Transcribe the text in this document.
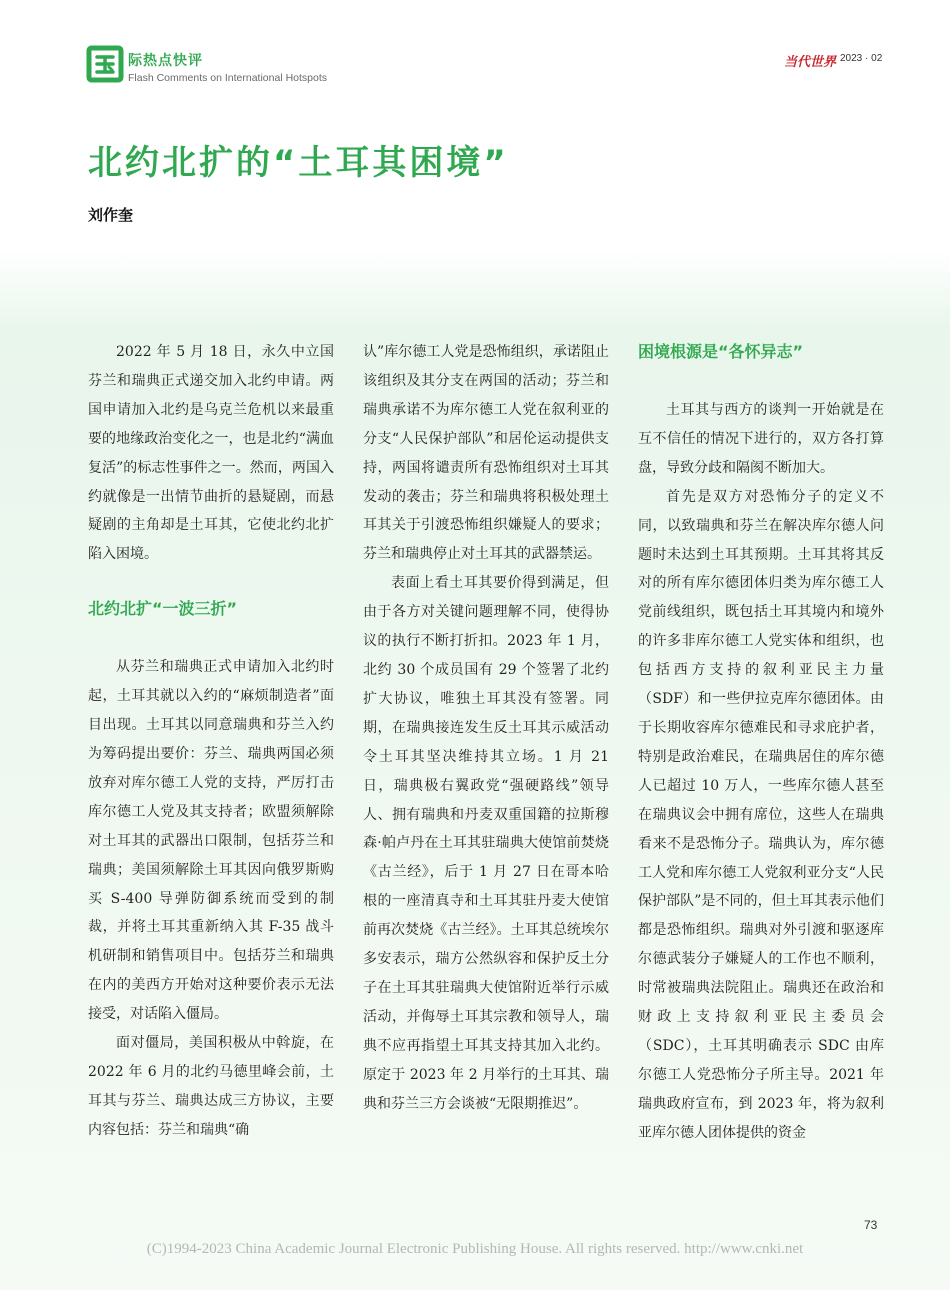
际热点快评
Flash Comments on International Hotspots
当代世界 2023 · 02
北约北扩的“土耳其困境”
刘作奎

2022 年 5 月 18 日，永久中立国芬兰和瑞典正式递交加入北约申请。两国申请加入北约是乌克兰危机以来最重要的地缘政治变化之一，也是北约“满血复活”的标志性事件之一。然而，两国入约就像是一出情节曲折的悬疑剧，而悬疑剧的主角却是土耳其，它使北约北扩陷入困境。

北约北扩“一波三折”

从芬兰和瑞典正式申请加入北约时起，土耳其就以入约的“麻烦制造者”面目出现。土耳其以同意瑞典和芬兰入约为筹码提出要价：芬兰、瑞典两国必须放弃对库尔德工人党的支持，严厉打击库尔德工人党及其支持者；欧盟须解除对土耳其的武器出口限制，包括芬兰和瑞典；美国须解除土耳其因向俄罗斯购买 S-400 导弹防御系统而受到的制裁，并将土耳其重新纳入其 F-35 战斗机研制和销售项目中。包括芬兰和瑞典在内的美西方开始对这种要价表示无法接受，对话陷入僵局。

面对僵局，美国积极从中斡旋，在 2022 年 6 月的北约马德里峰会前，土耳其与芬兰、瑞典达成三方协议，主要内容包括：芬兰和瑞典“确

认”库尔德工人党是恐怖组织，承诺阻止该组织及其分支在两国的活动；芬兰和瑞典承诺不为库尔德工人党在叙利亚的分支“人民保护部队”和居伦运动提供支持，两国将谴责所有恐怖组织对土耳其发动的袭击；芬兰和瑞典将积极处理土耳其关于引渡恐怖组织嫌疑人的要求；芬兰和瑞典停止对土耳其的武器禁运。

表面上看土耳其要价得到满足，但由于各方对关键问题理解不同，使得协议的执行不断打折扣。2023 年 1 月，北约 30 个成员国有 29 个签署了北约扩大协议，唯独土耳其没有签署。同期，在瑞典接连发生反土耳其示威活动令土耳其坚决维持其立场。1 月 21 日，瑞典极右翼政党“强硬路线”领导人、拥有瑞典和丹麦双重国籍的拉斯穆森·帕卢丹在土耳其驻瑞典大使馆前焚烧《古兰经》，后于 1 月 27 日在哥本哈根的一座清真寺和土耳其驻丹麦大使馆前再次焚烧《古兰经》。土耳其总统埃尔多安表示，瑞方公然纵容和保护反土分子在土耳其驻瑞典大使馆附近举行示威活动，并侮辱土耳其宗教和领导人，瑞典不应再指望土耳其支持其加入北约。原定于 2023 年 2 月举行的土耳其、瑞典和芬兰三方会谈被“无限期推迟”。

困境根源是“各怀异志”

土耳其与西方的谈判一开始就是在互不信任的情况下进行的，双方各打算盘，导致分歧和隔阂不断加大。

首先是双方对恐怖分子的定义不同，以致瑞典和芬兰在解决库尔德人问题时未达到土耳其预期。土耳其将其反对的所有库尔德团体归类为库尔德工人党前线组织，既包括土耳其境内和境外的许多非库尔德工人党实体和组织，也包括西方支持的叙利亚民主力量（SDF）和一些伊拉克库尔德团体。由于长期收容库尔德难民和寻求庇护者，特别是政治难民，在瑞典居住的库尔德人已超过 10 万人，一些库尔德人甚至在瑞典议会中拥有席位，这些人在瑞典看来不是恐怖分子。瑞典认为，库尔德工人党和库尔德工人党叙利亚分支“人民保护部队”是不同的，但土耳其表示他们都是恐怖组织。瑞典对外引渡和驱逐库尔德武装分子嫌疑人的工作也不顺利，时常被瑞典法院阻止。瑞典还在政治和财政上支持叙利亚民主委员会（SDC），土耳其明确表示 SDC 由库尔德工人党恐怖分子所主导。2021 年瑞典政府宣布，到 2023 年，将为叙利亚库尔德人团体提供的资金

73
(C)1994-2023 China Academic Journal Electronic Publishing House. All rights reserved. http://www.cnki.net
